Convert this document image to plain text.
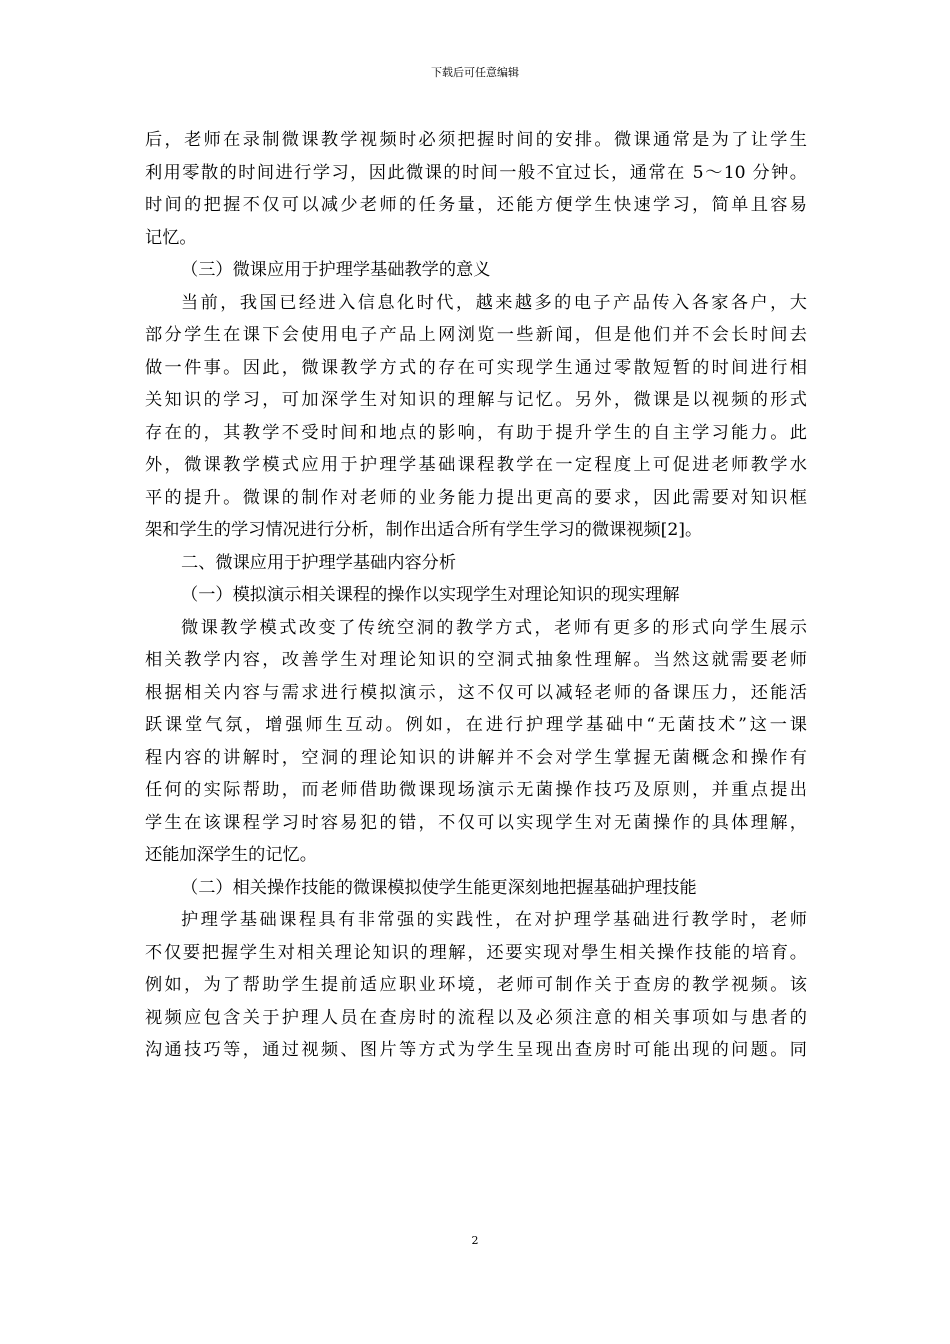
下载后可任意编辑
后，老师在录制微课教学视频时必须把握时间的安排。微课通常是为了让学生
利用零散的时间进行学习，因此微课的时间一般不宜过长，通常在 5～10 分钟。
时间的把握不仅可以减少老师的任务量，还能方便学生快速学习，简单且容易
记忆。
（三）微课应用于护理学基础教学的意义
当前，我国已经进入信息化时代，越来越多的电子产品传入各家各户，大
部分学生在课下会使用电子产品上网浏览一些新闻，但是他们并不会长时间去
做一件事。因此，微课教学方式的存在可实现学生通过零散短暂的时间进行相
关知识的学习，可加深学生对知识的理解与记忆。另外，微课是以视频的形式
存在的，其教学不受时间和地点的影响，有助于提升学生的自主学习能力。此
外，微课教学模式应用于护理学基础课程教学在一定程度上可促进老师教学水
平的提升。微课的制作对老师的业务能力提出更高的要求，因此需要对知识框
架和学生的学习情况进行分析，制作出适合所有学生学习的微课视频[2]。
二、微课应用于护理学基础内容分析
（一）模拟演示相关课程的操作以实现学生对理论知识的现实理解
微课教学模式改变了传统空洞的教学方式，老师有更多的形式向学生展示
相关教学内容，改善学生对理论知识的空洞式抽象性理解。当然这就需要老师
根据相关内容与需求进行模拟演示，这不仅可以减轻老师的备课压力，还能活
跃课堂气氛，增强师生互动。例如，在进行护理学基础中“无菌技术”这一课
程内容的讲解时，空洞的理论知识的讲解并不会对学生掌握无菌概念和操作有
任何的实际帮助，而老师借助微课现场演示无菌操作技巧及原则，并重点提出
学生在该课程学习时容易犯的错，不仅可以实现学生对无菌操作的具体理解，
还能加深学生的记忆。
（二）相关操作技能的微课模拟使学生能更深刻地把握基础护理技能
护理学基础课程具有非常强的实践性，在对护理学基础进行教学时，老师
不仅要把握学生对相关理论知识的理解，还要实现对學生相关操作技能的培育。
例如，为了帮助学生提前适应职业环境，老师可制作关于查房的教学视频。该
视频应包含关于护理人员在查房时的流程以及必须注意的相关事项如与患者的
沟通技巧等，通过视频、图片等方式为学生呈现出查房时可能出现的问题。同
2
